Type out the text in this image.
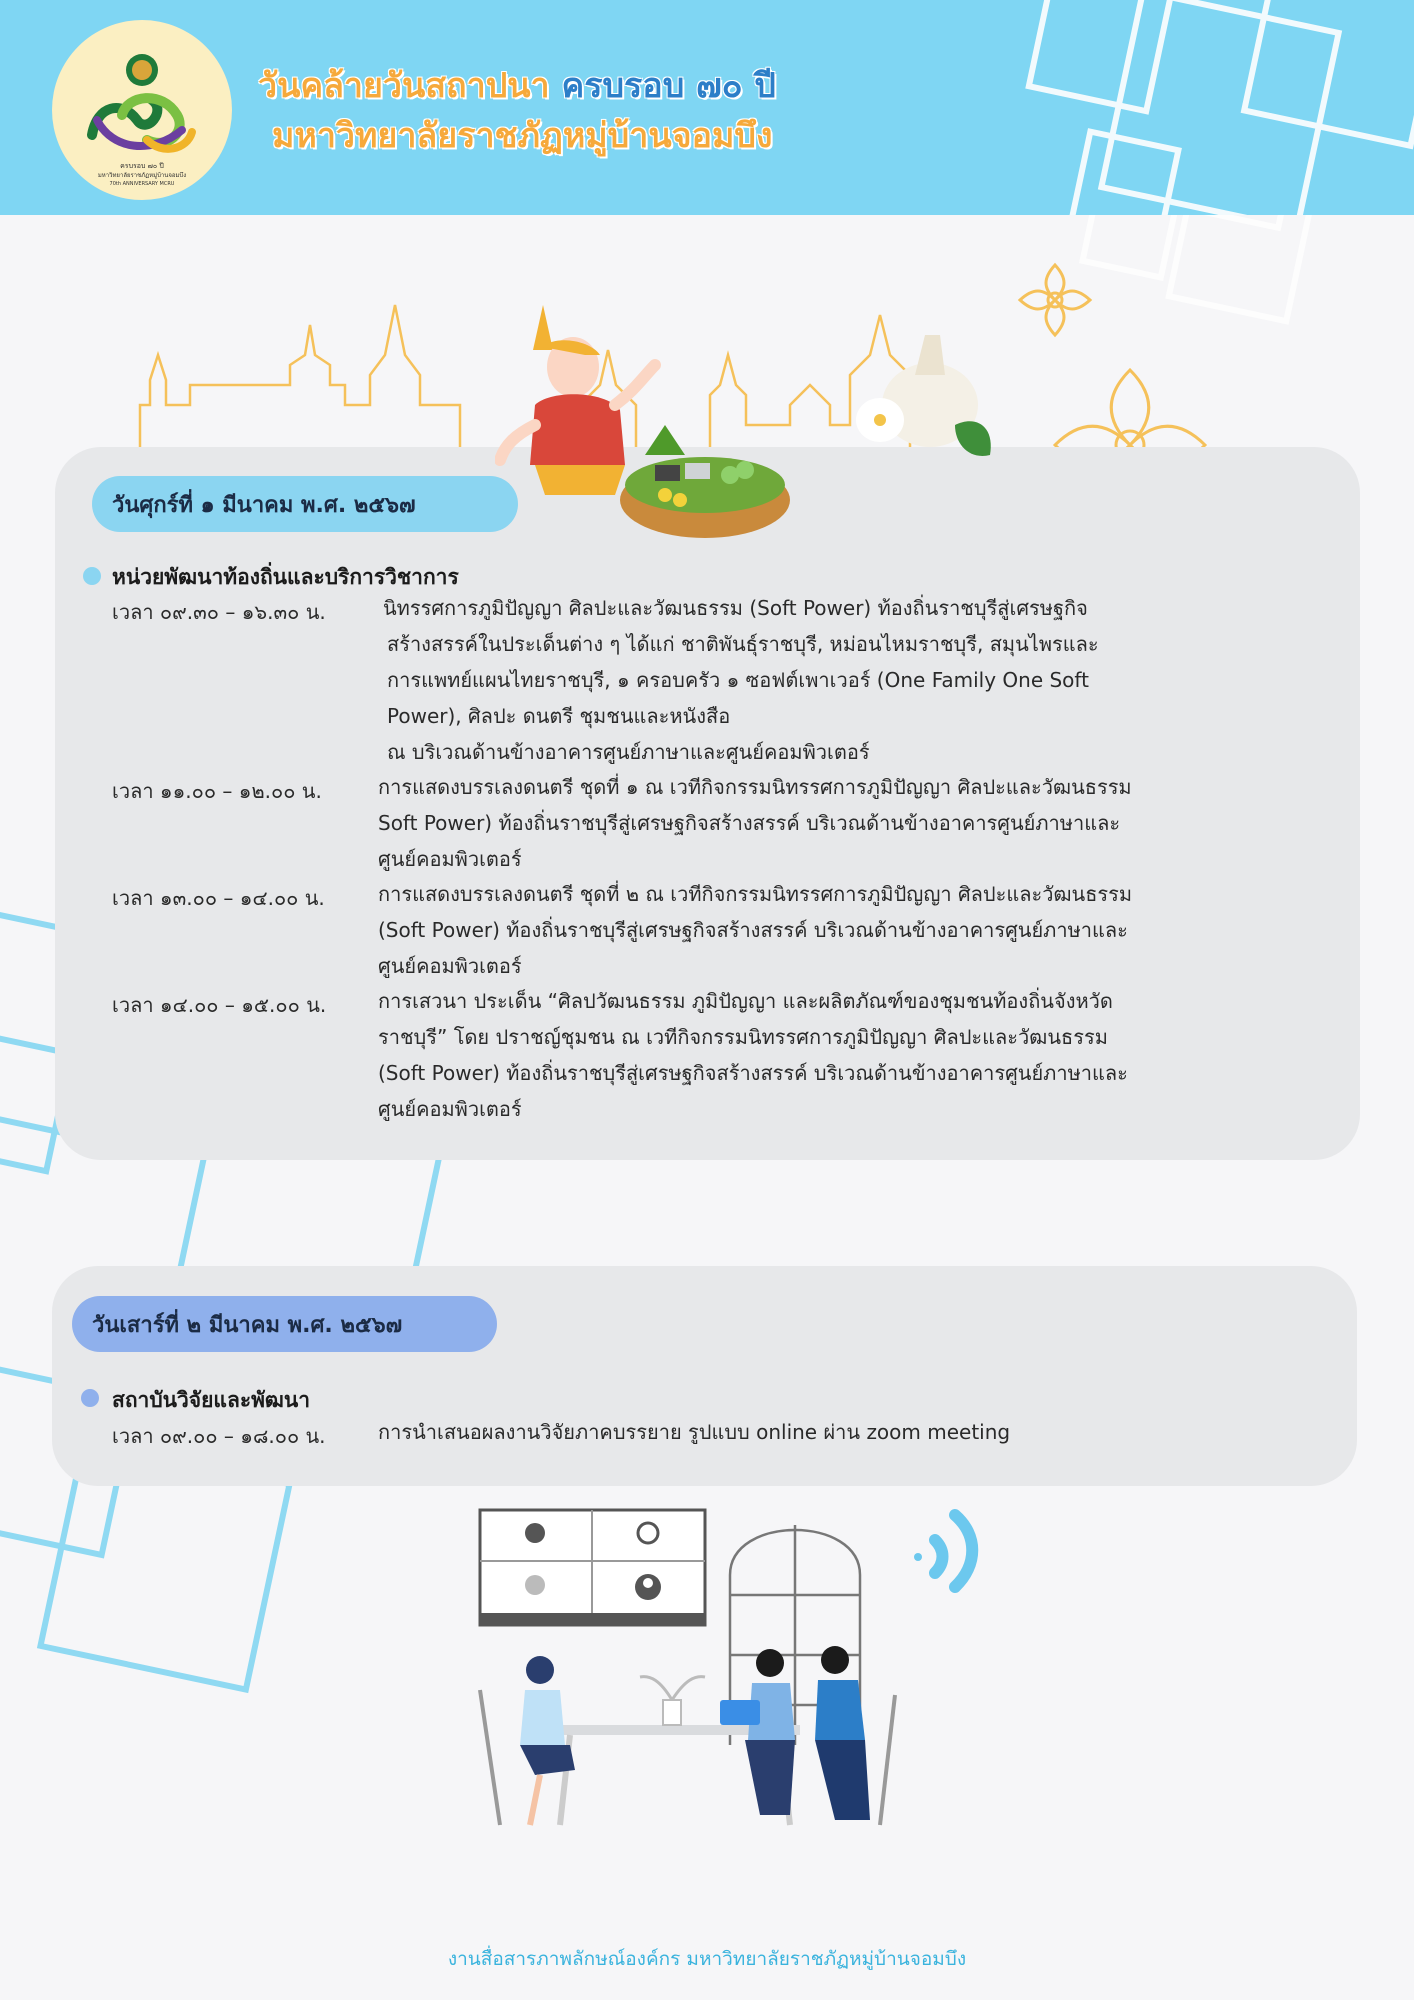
ครบรอบ ๗๐ ปี
มหาวิทยาลัยราชภัฏหมู่บ้านจอมบึง
70th ANNIVERSARY MCRU
วันคล้ายวันสถาปนา ครบรอบ ๗๐ ปี
มหาวิทยาลัยราชภัฏหมู่บ้านจอมบึง
วันศุกร์ที่ ๑ มีนาคม พ.ศ. ๒๕๖๗
หน่วยพัฒนาท้องถิ่นและบริการวิชาการ
เวลา ๐๙.๓๐ – ๑๖.๓๐ น.	นิทรรศการภูมิปัญญา ศิลปะและวัฒนธรรม (Soft Power) ท้องถิ่นราชบุรีสู่เศรษฐกิจ
สร้างสรรค์ในประเด็นต่าง ๆ ได้แก่ ชาติพันธุ์ราชบุรี, หม่อนไหมราชบุรี, สมุนไพรและ
การแพทย์แผนไทยราชบุรี, ๑ ครอบครัว ๑ ซอฟต์เพาเวอร์ (One Family One Soft
Power), ศิลปะ ดนตรี ชุมชนและหนังสือ
ณ บริเวณด้านข้างอาคารศูนย์ภาษาและศูนย์คอมพิวเตอร์
เวลา ๑๑.๐๐ – ๑๒.๐๐ น.	การแสดงบรรเลงดนตรี ชุดที่ ๑ ณ เวทีกิจกรรมนิทรรศการภูมิปัญญา ศิลปะและวัฒนธรรม
Soft Power) ท้องถิ่นราชบุรีสู่เศรษฐกิจสร้างสรรค์ บริเวณด้านข้างอาคารศูนย์ภาษาและ
ศูนย์คอมพิวเตอร์
เวลา ๑๓.๐๐ – ๑๔.๐๐ น.	การแสดงบรรเลงดนตรี ชุดที่ ๒ ณ เวทีกิจกรรมนิทรรศการภูมิปัญญา ศิลปะและวัฒนธรรม
(Soft Power) ท้องถิ่นราชบุรีสู่เศรษฐกิจสร้างสรรค์ บริเวณด้านข้างอาคารศูนย์ภาษาและ
ศูนย์คอมพิวเตอร์
เวลา ๑๔.๐๐ – ๑๕.๐๐ น.	การเสวนา ประเด็น “ศิลปวัฒนธรรม ภูมิปัญญา และผลิตภัณฑ์ของชุมชนท้องถิ่นจังหวัด
ราชบุรี” โดย ปราชญ์ชุมชน ณ เวทีกิจกรรมนิทรรศการภูมิปัญญา ศิลปะและวัฒนธรรม
(Soft Power) ท้องถิ่นราชบุรีสู่เศรษฐกิจสร้างสรรค์ บริเวณด้านข้างอาคารศูนย์ภาษาและ
ศูนย์คอมพิวเตอร์
วันเสาร์ที่ ๒ มีนาคม พ.ศ. ๒๕๖๗
สถาบันวิจัยและพัฒนา
เวลา ๐๙.๐๐ – ๑๘.๐๐ น.	การนำเสนอผลงานวิจัยภาคบรรยาย รูปแบบ online ผ่าน zoom meeting
งานสื่อสารภาพลักษณ์องค์กร มหาวิทยาลัยราชภัฏหมู่บ้านจอมบึง
